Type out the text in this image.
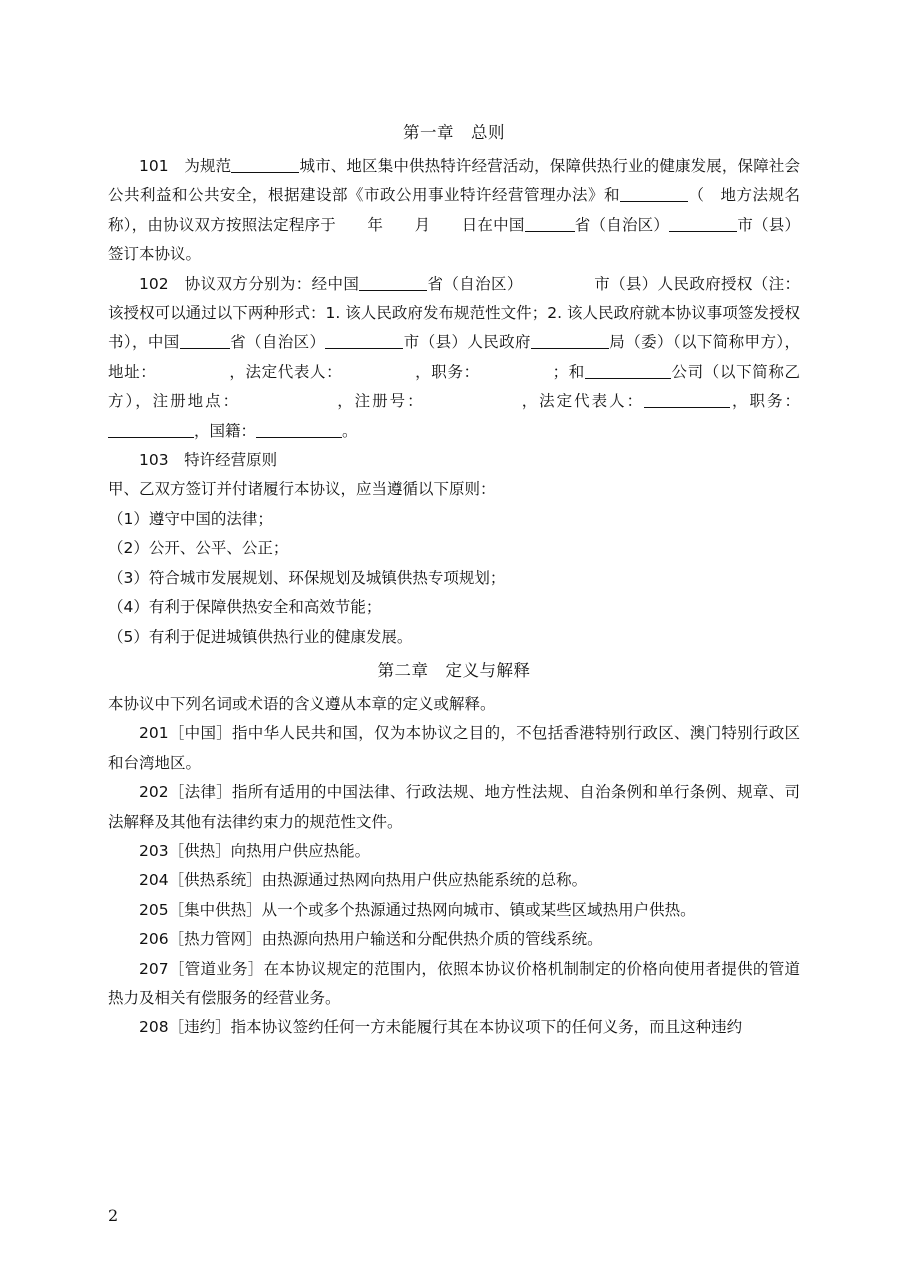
第一章　总则

101　为规范	城市、地区集中供热特许经营活动，保障供热行业的健康发展，保障社会公共利益和公共安全，根据建设部《市政公用事业特许经营管理办法》和	（　地方法规名称），由协议双方按照法定程序于　　年　　月　　日在中国	省（自治区）	市（县）签订本协议。

102　协议双方分别为：经中国	省（自治区）　　　　　市（县）人民政府授权（注：该授权可以通过以下两种形式：1. 该人民政府发布规范性文件；2. 该人民政府就本协议事项签发授权书），中国	省（自治区）	市（县）人民政府	局（委）（以下简称甲方），地址：　　　　　，法定代表人：　　　　　，职务：　　　　　；和	公司（以下简称乙方），注册地点：　　　　　　，注册号：　　　　　　，法定代表人：	，职务：，国籍：	。

103　特许经营原则

甲、乙双方签订并付诸履行本协议，应当遵循以下原则：

（1）遵守中国的法律；

（2）公开、公平、公正；

（3）符合城市发展规划、环保规划及城镇供热专项规划；

（4）有利于保障供热安全和高效节能；

（5）有利于促进城镇供热行业的健康发展。

第二章　定义与解释

本协议中下列名词或术语的含义遵从本章的定义或解释。

201［中国］指中华人民共和国，仅为本协议之目的，不包括香港特别行政区、澳门特别行政区和台湾地区。

202［法律］指所有适用的中国法律、行政法规、地方性法规、自治条例和单行条例、规章、司法解释及其他有法律约束力的规范性文件。

203［供热］向热用户供应热能。

204［供热系统］由热源通过热网向热用户供应热能系统的总称。

205［集中供热］从一个或多个热源通过热网向城市、镇或某些区域热用户供热。

206［热力管网］由热源向热用户输送和分配供热介质的管线系统。

207［管道业务］在本协议规定的范围内，依照本协议价格机制制定的价格向使用者提供的管道热力及相关有偿服务的经营业务。

208［违约］指本协议签约任何一方未能履行其在本协议项下的任何义务，而且这种违约

2
